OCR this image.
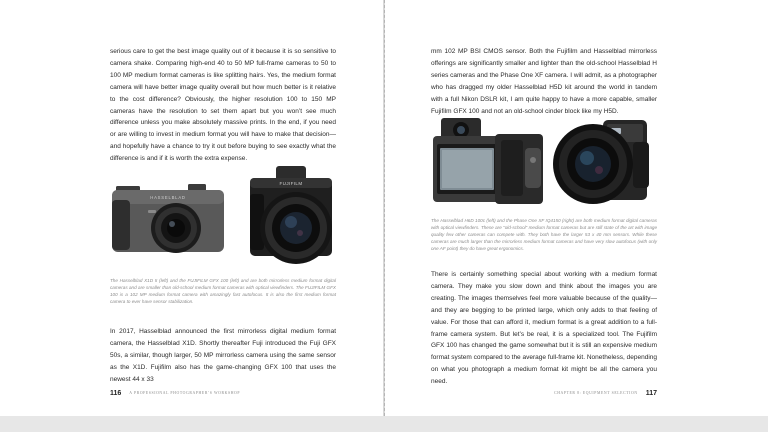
serious care to get the best image quality out of it because it is so sensitive to camera shake. Comparing high-end 40 to 50 MP full-frame cameras to 50 to 100 MP medium format cameras is like splitting hairs. Yes, the medium format camera will have better image quality overall but how much better is it relative to the cost difference? Obviously, the higher resolution 100 to 150 MP cameras have the resolution to set them apart but you won’t see much difference unless you make absolutely massive prints. In the end, if you need or are willing to invest in medium format you will have to make that decision—and hopefully have a chance to try it out before buying to see exactly what the difference is and if it is worth the extra expense.

HASSELBLAD
FUJIFILM

The Hasselblad X1D II (left) and the FUJIFILM GFX 100 (left) and are both mirrorless medium format digital cameras and are smaller than old-school medium format cameras with optical viewfinders. The FUJIFILM GFX 100 is a 102 MP medium format camera with amazingly fast autofocus. It is also the first medium format camera to ever have sensor stabilization.

In 2017, Hasselblad announced the first mirrorless digital medium format camera, the Hasselblad X1D. Shortly thereafter Fuji introduced the Fuji GFX 50s, a similar, though larger, 50 MP mirrorless camera using the same sensor as the X1D. Fujifilm also has the game-changing GFX 100 that uses the newest 44 x 33

116 A PROFESSIONAL PHOTOGRAPHER’S WORKSHOP

mm 102 MP BSI CMOS sensor. Both the Fujifilm and Hasselblad mirrorless offerings are significantly smaller and lighter than the old-school Hasselblad H series cameras and the Phase One XF camera. I will admit, as a photographer who has dragged my older Hasselblad H5D kit around the world in tandem with a full Nikon DSLR kit, I am quite happy to have a more capable, smaller Fujifilm GFX 100 and not an old-school cinder block like my H5D.

The Hasselblad H6D 100c (left) and the Phase One XF IQ4150 (right) are both medium format digital cameras with optical viewfinders. These are “old-school” medium format cameras but are still state of the art with image quality few other cameras can compete with. They both have the larger 53 x 40 mm sensors. While these cameras are much larger than the mirrorless medium format cameras and have very slow autofocus (with only one AF point) they do have great ergonomics.

There is certainly something special about working with a medium format camera. They make you slow down and think about the images you are creating. The images themselves feel more valuable because of the quality—and they are begging to be printed large, which only adds to that feeling of value. For those that can afford it, medium format is a great addition to a full-frame camera system. But let’s be real, it is a specialized tool. The Fujifilm GFX 100 has changed the game somewhat but it is still an expensive medium format system compared to the average full-frame kit. Nonetheless, depending on what you photograph a medium format kit might be all the camera you need.

CHAPTER 8: EQUIPMENT SELECTION 117
